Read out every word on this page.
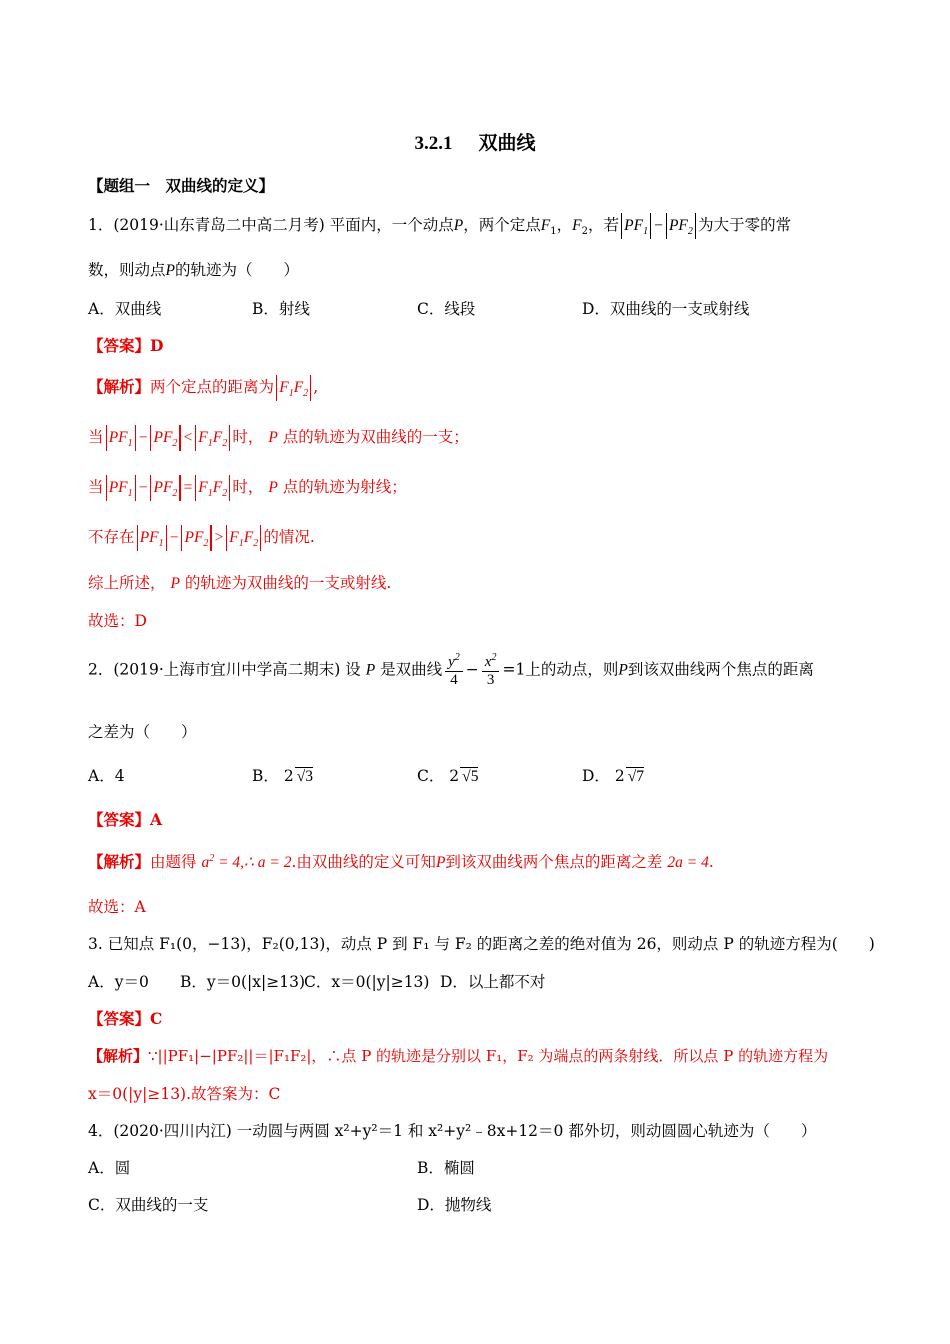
3.2.1 双曲线
【题组一　双曲线的定义】
1．(2019·山东青岛二中高二月考) 平面内，一个动点P，两个定点$F_1$，$F_2$，若 $PF_1 - PF_2$ 为大于零的常
数，则动点P的轨迹为（　　）
A．双曲线	B．射线	C．线段	D．双曲线的一支或射线
【答案】D
【解析】两个定点的距离为 $F_1F_2$ ,
当 $PF_1 - PF_2 < F_1F_2$ 时， P 点的轨迹为双曲线的一支；
当 $PF_1 - PF_2 = F_1F_2$ 时， P 点的轨迹为射线；
不存在 $PF_1 - PF_2 > F_1F_2$ 的情况.
综上所述， P 的轨迹为双曲线的一支或射线.
故选：D
2．(2019·上海市宜川中学高二期末) 设 P 是双曲线 $\frac{y^2}{4} - \frac{x^2}{3} =1$上的动点，则P到该双曲线两个焦点的距离
之差为（　　）
A．4	B． 2 √3	C． 2 √5	D． 2 √7
【答案】A
【解析】由题得 $a^2$ = 4,∴ a = 2.由双曲线的定义可知P到该双曲线两个焦点的距离之差 2a = 4.
故选：A
3. 已知点 F₁(0，−13)，F₂(0,13)，动点 P 到 F₁ 与 F₂ 的距离之差的绝对值为 26，则动点 P 的轨迹方程为(　　)
A．y＝0 B．y＝0(|x|≥13) C．x＝0(|y|≥13) D．以上都不对
【答案】C
【解析】∵||PF₁|−|PF₂||＝|F₁F₂|，∴点 P 的轨迹是分别以 F₁，F₂ 为端点的两条射线．所以点 P 的轨迹方程为
x＝0(|y|≥13).故答案为：C
4．(2020·四川内江) 一动圆与两圆 x²+y²＝1 和 x²+y²﹣8x+12＝0 都外切，则动圆圆心轨迹为（　　）
A．圆	B．椭圆
C．双曲线的一支	D．抛物线
